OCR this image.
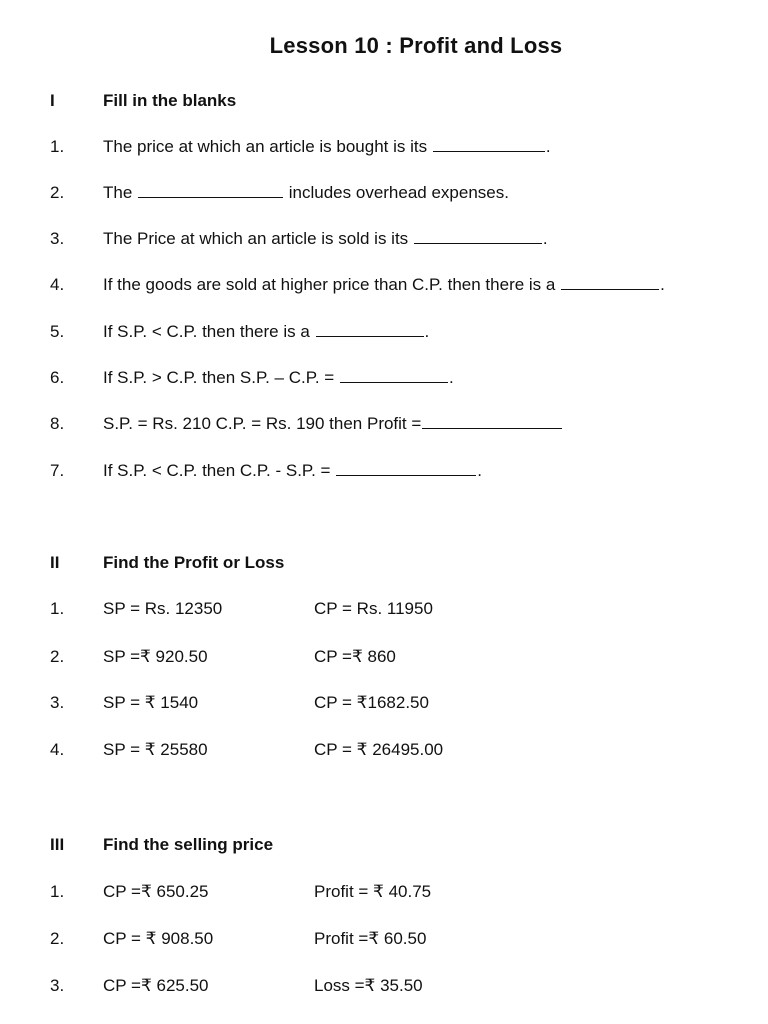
Lesson 10 : Profit and Loss
I	Fill in the blanks
1. The price at which an article is bought is its	.
2. The	includes overhead expenses.
3. The Price at which an article is sold is its	.
4. If the goods are sold at higher price than C.P. then there is a	.
5. If S.P. < C.P. then there is a	.
6. If S.P. > C.P. then S.P. – C.P. =	.
8. S.P. = Rs. 210 C.P. = Rs. 190 then Profit =
7. If S.P. < C.P. then C.P. - S.P. =	.
II	Find the Profit or Loss
1. SP = Rs. 12350	CP = Rs. 11950
2. SP =₹ 920.50	CP =₹ 860
3. SP = ₹ 1540	CP = ₹1682.50
4. SP = ₹ 25580	CP = ₹ 26495.00
III Find the selling price
1. CP =₹ 650.25	Profit = ₹ 40.75
2. CP = ₹ 908.50	Profit =₹ 60.50
3. CP =₹ 625.50	Loss =₹ 35.50
